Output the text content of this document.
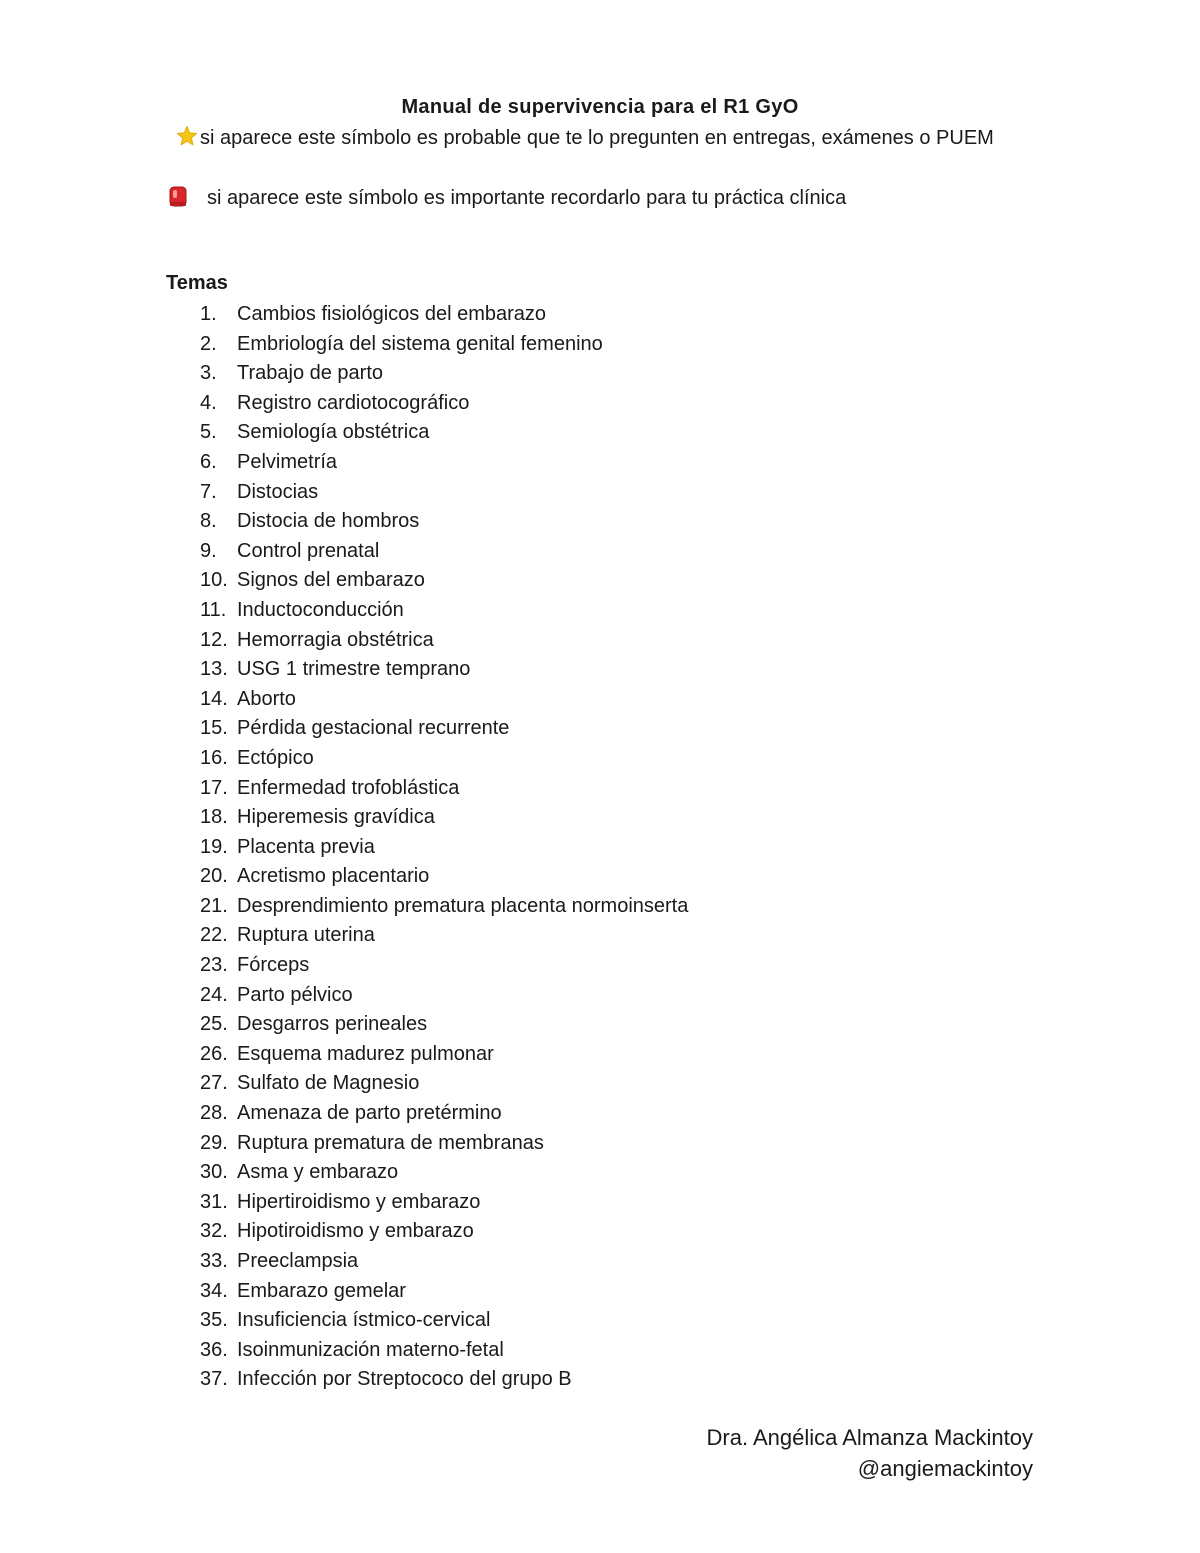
Manual de supervivencia para el R1 GyO
si aparece este símbolo es probable que te lo pregunten en entregas, exámenes o PUEM
si aparece este símbolo es importante recordarlo para tu práctica clínica
Temas
1. Cambios fisiológicos del embarazo
2. Embriología del sistema genital femenino
3. Trabajo de parto
4. Registro cardiotocográfico
5. Semiología obstétrica
6. Pelvimetría
7. Distocias
8. Distocia de hombros
9. Control prenatal
10. Signos del embarazo
11. Inductoconducción
12. Hemorragia obstétrica
13. USG 1 trimestre temprano
14. Aborto
15. Pérdida gestacional recurrente
16. Ectópico
17. Enfermedad trofoblástica
18. Hiperemesis gravídica
19. Placenta previa
20. Acretismo placentario
21. Desprendimiento prematura placenta normoinserta
22. Ruptura uterina
23. Fórceps
24. Parto pélvico
25. Desgarros perineales
26. Esquema madurez pulmonar
27. Sulfato de Magnesio
28. Amenaza de parto pretérmino
29. Ruptura prematura de membranas
30. Asma y embarazo
31. Hipertiroidismo y embarazo
32. Hipotiroidismo y embarazo
33. Preeclampsia
34. Embarazo gemelar
35. Insuficiencia ístmico-cervical
36. Isoinmunización materno-fetal
37. Infección por Streptococo del grupo B
Dra. Angélica Almanza Mackintoy
@angiemackintoy
